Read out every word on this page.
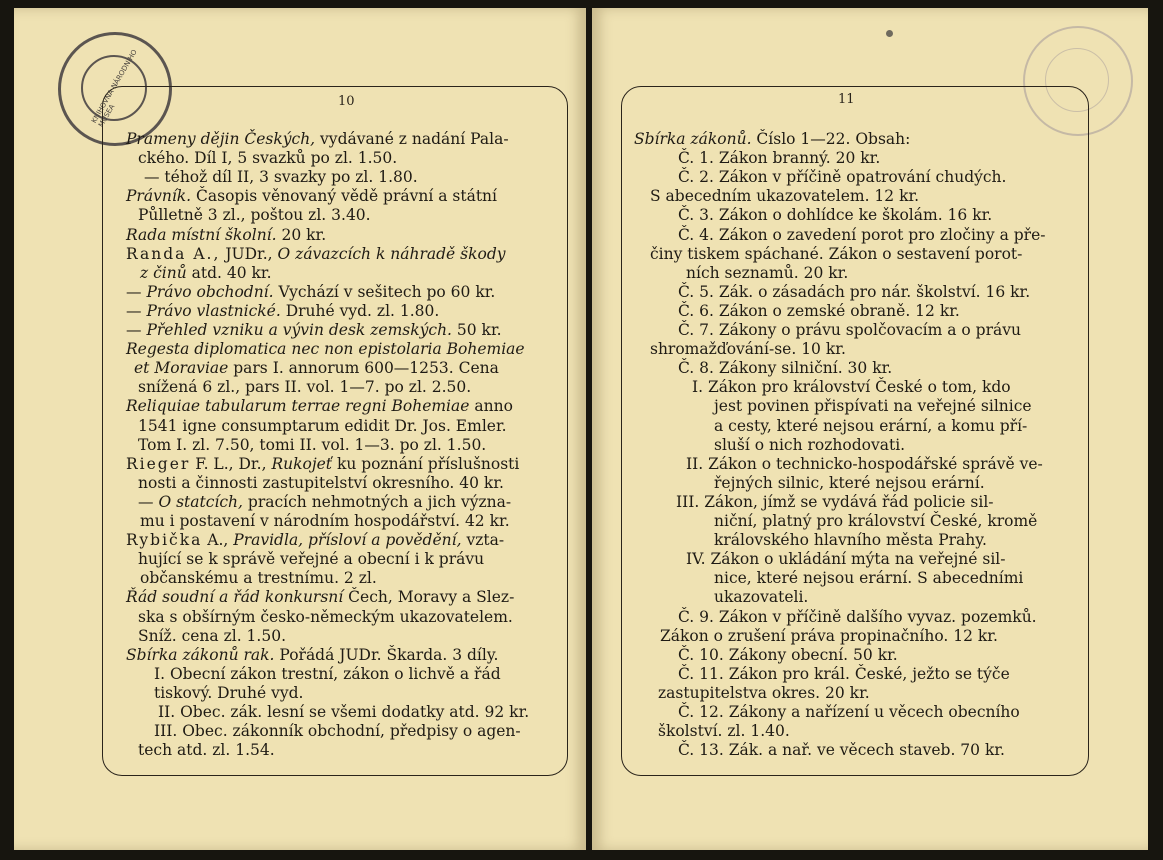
KNIHOVNA NÁRODNÍHO MUSEA
10
Prameny dějin Českých, vydávané z nadání Pala-
ckého. Díl I, 5 svazků po zl. 1.50.
— téhož díl II, 3 svazky po zl. 1.80.
Právník. Časopis věnovaný vědě právní a státní
Půlletně 3 zl., poštou zl. 3.40.
Rada místní školní. 20 kr.
Randa A., JUDr., O závazcích k náhradě škody
z činů atd. 40 kr.
— Právo obchodní. Vychází v sešitech po 60 kr.
— Právo vlastnické. Druhé vyd. zl. 1.80.
— Přehled vzniku a vývin desk zemských. 50 kr.
Regesta diplomatica nec non epistolaria Bohemiae
et Moraviae pars I. annorum 600—1253. Cena
snížená 6 zl., pars II. vol. 1—7. po zl. 2.50.
Reliquiae tabularum terrae regni Bohemiae anno
1541 igne consumptarum edidit Dr. Jos. Emler.
Tom I. zl. 7.50, tomi II. vol. 1—3. po zl. 1.50.
Rieger F. L., Dr., Rukojeť ku poznání příslušnosti
nosti a činnosti zastupitelství okresního. 40 kr.
— O statcích, pracích nehmotných a jich význa-
mu i postavení v národním hospodářství. 42 kr.
Rybička A., Pravidla, přísloví a povědění, vzta-
hující se k správě veřejné a obecní i k právu
občanskému a trestnímu. 2 zl.
Řád soudní a řád konkursní Čech, Moravy a Slez-
ska s obšírným česko-německým ukazovatelem.
Sníž. cena zl. 1.50.
Sbírka zákonů rak. Pořádá JUDr. Škarda. 3 díly.
I. Obecní zákon trestní, zákon o lichvě a řád
tiskový. Druhé vyd.
II. Obec. zák. lesní se všemi dodatky atd. 92 kr.
III. Obec. zákonník obchodní, předpisy o agen-
tech atd. zl. 1.54.
11
Sbírka zákonů. Číslo 1—22. Obsah:
Č. 1. Zákon branný. 20 kr.
Č. 2. Zákon v příčině opatrování chudých.
S abecedním ukazovatelem. 12 kr.
Č. 3. Zákon o dohlídce ke školám. 16 kr.
Č. 4. Zákon o zavedení porot pro zločiny a pře-
činy tiskem spáchané. Zákon o sestavení porot-
ních seznamů. 20 kr.
Č. 5. Zák. o zásadách pro nár. školství. 16 kr.
Č. 6. Zákon o zemské obraně. 12 kr.
Č. 7. Zákony o právu spolčovacím a o právu
shromažďování-se. 10 kr.
Č. 8. Zákony silniční. 30 kr.
I. Zákon pro království České o tom, kdo
jest povinen přispívati na veřejné silnice
a cesty, které nejsou erární, a komu pří-
sluší o nich rozhodovati.
II. Zákon o technicko-hospodářské správě ve-
řejných silnic, které nejsou erární.
III. Zákon, jímž se vydává řád policie sil-
niční, platný pro království České, kromě
královského hlavního města Prahy.
IV. Zákon o ukládání mýta na veřejné sil-
nice, které nejsou erární. S abecedními
ukazovateli.
Č. 9. Zákon v příčině dalšího vyvaz. pozemků.
Zákon o zrušení práva propinačního. 12 kr.
Č. 10. Zákony obecní. 50 kr.
Č. 11. Zákon pro král. České, ježto se týče
zastupitelstva okres. 20 kr.
Č. 12. Zákony a nařízení u věcech obecního
školství. zl. 1.40.
Č. 13. Zák. a nař. ve věcech staveb. 70 kr.
